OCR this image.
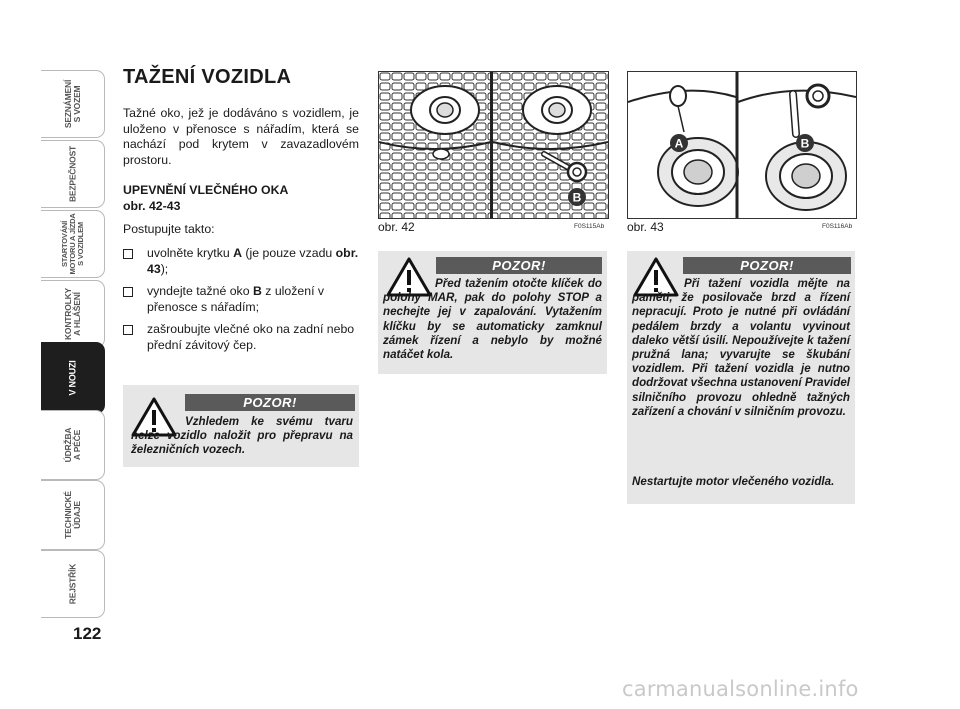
SEZNÁMENÍ
S VOZEM
BEZPEČNOST
STARTOVÁNÍ
MOTORU A JÍZDA
S VOZIDLEM
KONTROLKY
A HLÁŠENÍ
V NOUZI
ÚDRŽBA
A PÉČE
TECHNICKÉ
ÚDAJE
REJSTŘÍK
122
TAŽENÍ VOZIDLA

Tažné oko, jež je dodáváno s vozidlem, je uloženo v přenosce s nářadím, která se nachází pod krytem v zavazadlovém prostoru.

UPEVNĚNÍ VLEČNÉHO OKA
obr. 42-43

Postupujte takto:

uvolněte krytku A (je pouze vzadu obr. 43);
vyndejte tažné oko B z uložení v přenosce s nářadím;
zašroubujte vlečné oko na zadní nebo přední závitový čep.
POZOR!

Vzhledem ke svému tvaru nelze vozidlo naložit pro přepravu na železničních vozech.

B
obr. 42	F0S115Ab
A	B
obr. 43	F0S116Ab
POZOR!

Před tažením otočte klíček do polohy MAR, pak do polohy STOP a nechejte jej v zapalování. Vytažením klíčku by se automaticky zamknul zámek řízení a nebylo by možné natáčet kola.

POZOR!

Při tažení vozidla mějte na paměti, že posilovače brzd a řízení nepracují. Proto je nutné při ovládání pedálem brzdy a volantu vyvinout daleko větší úsilí. Nepoužívejte k tažení pružná lana; vyvarujte se škubání vozidlem. Při tažení vozidla je nutno dodržovat všechna ustanovení Pravidel silničního provozu ohledně tažných zařízení a chování v silničním provozu.

Nestartujte motor vlečeného vozidla.

carmanualsonline.info
